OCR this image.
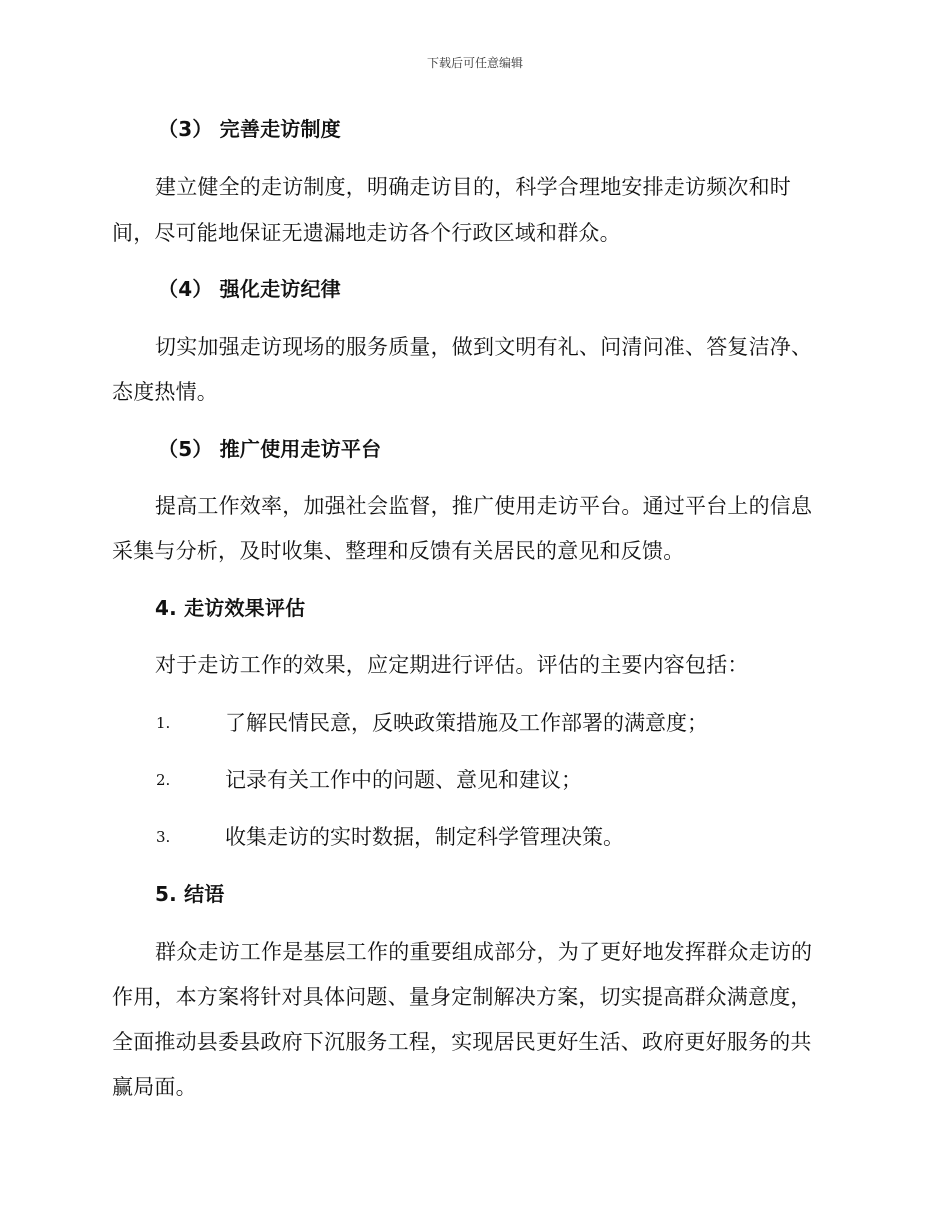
下载后可任意编辑
（3） 完善走访制度
建立健全的走访制度，明确走访目的，科学合理地安排走访频次和时
间，尽可能地保证无遗漏地走访各个行政区域和群众。
（4） 强化走访纪律
切实加强走访现场的服务质量，做到文明有礼、问清问准、答复洁净、
态度热情。
（5） 推广使用走访平台
提高工作效率，加强社会监督，推广使用走访平台。通过平台上的信息
采集与分析，及时收集、整理和反馈有关居民的意见和反馈。
4. 走访效果评估
对于走访工作的效果，应定期进行评估。评估的主要内容包括：
1.	了解民情民意，反映政策措施及工作部署的满意度；
2.	记录有关工作中的问题、意见和建议；
3.	收集走访的实时数据，制定科学管理决策。
5. 结语
群众走访工作是基层工作的重要组成部分，为了更好地发挥群众走访的
作用，本方案将针对具体问题、量身定制解决方案，切实提高群众满意度，
全面推动县委县政府下沉服务工程，实现居民更好生活、政府更好服务的共
赢局面。
